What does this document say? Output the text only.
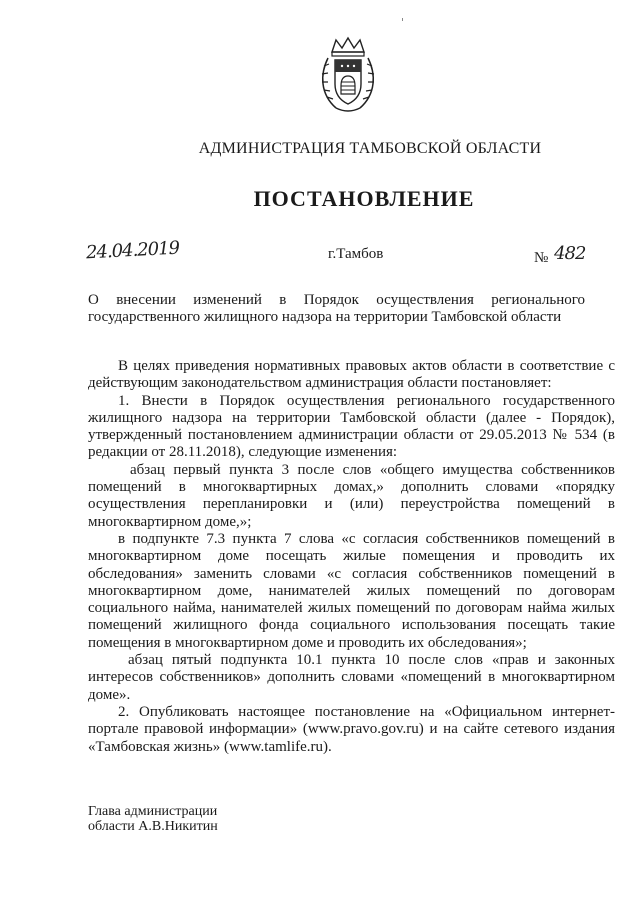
АДМИНИСТРАЦИЯ ТАМБОВСКОЙ ОБЛАСТИ
ПОСТАНОВЛЕНИЕ
24.04.2019	г.Тамбов	№ 482
О внесении изменений в Порядок осуществления регионального государственного жилищного надзора на территории Тамбовской области

В целях приведения нормативных правовых актов области в соответствие с действующим законодательством администрация области постановляет:

1. Внести в Порядок осуществления регионального государственного жилищного надзора на территории Тамбовской области (далее - Порядок), утвержденный постановлением администрации области от 29.05.2013 № 534 (в редакции от 28.11.2018), следующие изменения:

абзац первый пункта 3 после слов «общего имущества собственников помещений в многоквартирных домах,» дополнить словами «порядку осуществления перепланировки и (или) переустройства помещений в многоквартирном доме,»;

в подпункте 7.3 пункта 7 слова «с согласия собственников помещений в многоквартирном доме посещать жилые помещения и проводить их обследования» заменить словами «с согласия собственников помещений в многоквартирном доме, нанимателей жилых помещений по договорам социального найма, нанимателей жилых помещений по договорам найма жилых помещений жилищного фонда социального использования посещать такие помещения в многоквартирном доме и проводить их обследования»;

абзац пятый подпункта 10.1 пункта 10 после слов «прав и законных интересов собственников» дополнить словами «помещений в многоквартирном доме».

2. Опубликовать настоящее постановление на «Официальном интернет-портале правовой информации» (www.pravo.gov.ru) и на сайте сетевого издания «Тамбовская жизнь» (www.tamlife.ru).

Глава администрации
области А.В.Никитин
